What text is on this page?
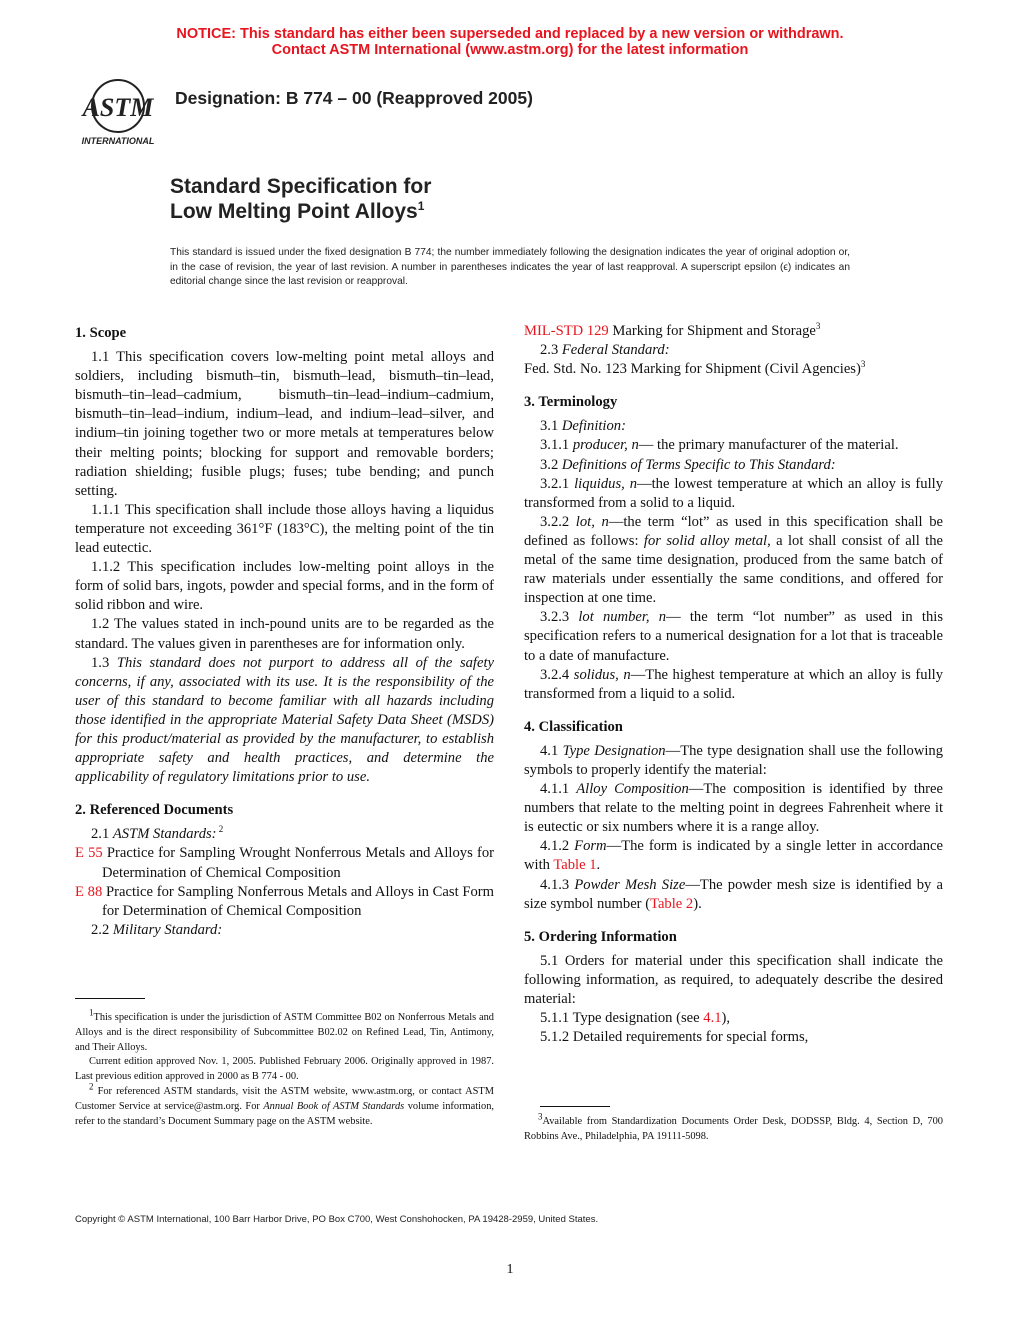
NOTICE: This standard has either been superseded and replaced by a new version or withdrawn.
Contact ASTM International (www.astm.org) for the latest information
ASTM
INTERNATIONAL
Designation: B 774 – 00 (Reapproved 2005)
Standard Specification for
Low Melting Point Alloys$^1$
This standard is issued under the fixed designation B 774; the number immediately following the designation indicates the year of original adoption or, in the case of revision, the year of last revision. A number in parentheses indicates the year of last reapproval. A superscript epsilon (ϵ) indicates an editorial change since the last revision or reapproval.
1. Scope

1.1 This specification covers low-melting point metal alloys and soldiers, including bismuth–tin, bismuth–lead, bismuth–tin–lead, bismuth–tin–lead–cadmium, bismuth–tin–lead–indium–cadmium, bismuth–tin–lead–indium, indium–lead, and indium–lead–silver, and indium–tin joining together two or more metals at temperatures below their melting points; blocking for support and removable borders; radiation shielding; fusible plugs; fuses; tube bending; and punch setting.

1.1.1 This specification shall include those alloys having a liquidus temperature not exceeding 361°F (183°C), the melting point of the tin lead eutectic.

1.1.2 This specification includes low-melting point alloys in the form of solid bars, ingots, powder and special forms, and in the form of solid ribbon and wire.

1.2 The values stated in inch-pound units are to be regarded as the standard. The values given in parentheses are for information only.

1.3 This standard does not purport to address all of the safety concerns, if any, associated with its use. It is the responsibility of the user of this standard to become familiar with all hazards including those identified in the appropriate Material Safety Data Sheet (MSDS) for this product/material as provided by the manufacturer, to establish appropriate safety and health practices, and determine the applicability of regulatory limitations prior to use.

2. Referenced Documents

2.1 ASTM Standards: $^2$

E 55 Practice for Sampling Wrought Nonferrous Metals and Alloys for Determination of Chemical Composition

E 88 Practice for Sampling Nonferrous Metals and Alloys in Cast Form for Determination of Chemical Composition

2.2 Military Standard:

MIL-STD 129 Marking for Shipment and Storage$^3$

2.3 Federal Standard:

Fed. Std. No. 123 Marking for Shipment (Civil Agencies)$^3$

3. Terminology

3.1 Definition:

3.1.1 producer, n— the primary manufacturer of the material.

3.2 Definitions of Terms Specific to This Standard:

3.2.1 liquidus, n—the lowest temperature at which an alloy is fully transformed from a solid to a liquid.

3.2.2 lot, n—the term “lot” as used in this specification shall be defined as follows: for solid alloy metal, a lot shall consist of all the metal of the same time designation, produced from the same batch of raw materials under essentially the same conditions, and offered for inspection at one time.

3.2.3 lot number, n— the term “lot number” as used in this specification refers to a numerical designation for a lot that is traceable to a date of manufacture.

3.2.4 solidus, n—The highest temperature at which an alloy is fully transformed from a liquid to a solid.

4. Classification

4.1 Type Designation—The type designation shall use the following symbols to properly identify the material:

4.1.1 Alloy Composition—The composition is identified by three numbers that relate to the melting point in degrees Fahrenheit where it is eutectic or six numbers where it is a range alloy.

4.1.2 Form—The form is indicated by a single letter in accordance with Table 1.

4.1.3 Powder Mesh Size—The powder mesh size is identified by a size symbol number (Table 2).

5. Ordering Information

5.1 Orders for material under this specification shall indicate the following information, as required, to adequately describe the desired material:

5.1.1 Type designation (see 4.1),

5.1.2 Detailed requirements for special forms,

$^1$This specification is under the jurisdiction of ASTM Committee B02 on Nonferrous Metals and Alloys and is the direct responsibility of Subcommittee B02.02 on Refined Lead, Tin, Antimony, and Their Alloys.

Current edition approved Nov. 1, 2005. Published February 2006. Originally approved in 1987. Last previous edition approved in 2000 as B 774 - 00.

$^2$ For referenced ASTM standards, visit the ASTM website, www.astm.org, or contact ASTM Customer Service at service@astm.org. For Annual Book of ASTM Standards volume information, refer to the standard’s Document Summary page on the ASTM website.	$^3$Available from Standardization Documents Order Desk, DODSSP, Bldg. 4, Section D, 700 Robbins Ave., Philadelphia, PA 19111-5098.

Copyright © ASTM International, 100 Barr Harbor Drive, PO Box C700, West Conshohocken, PA 19428-2959, United States.
1
